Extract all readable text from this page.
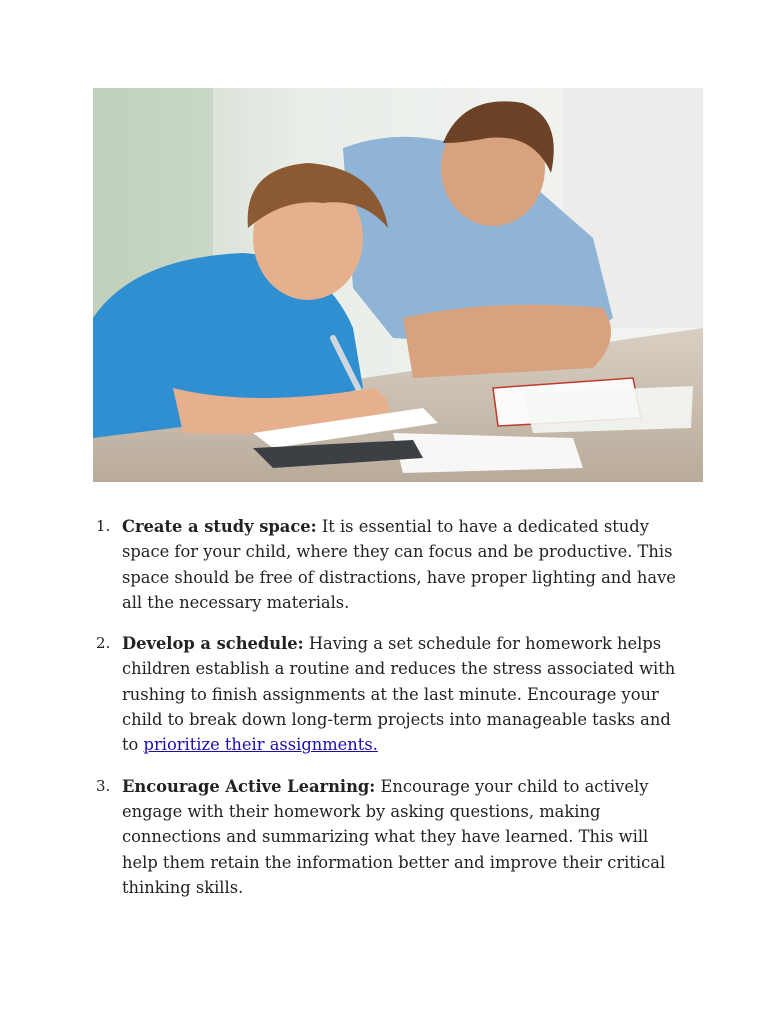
1. Create a study space: It is essential to have a dedicated study space for your child, where they can focus and be productive. This space should be free of distractions, have proper lighting and have all the necessary materials.
2. Develop a schedule: Having a set schedule for homework helps children establish a routine and reduces the stress associated with rushing to finish assignments at the last minute. Encourage your child to break down long-term projects into manageable tasks and to prioritize their assignments.
3. Encourage Active Learning: Encourage your child to actively engage with their homework by asking questions, making connections and summarizing what they have learned. This will help them retain the information better and improve their critical thinking skills.
